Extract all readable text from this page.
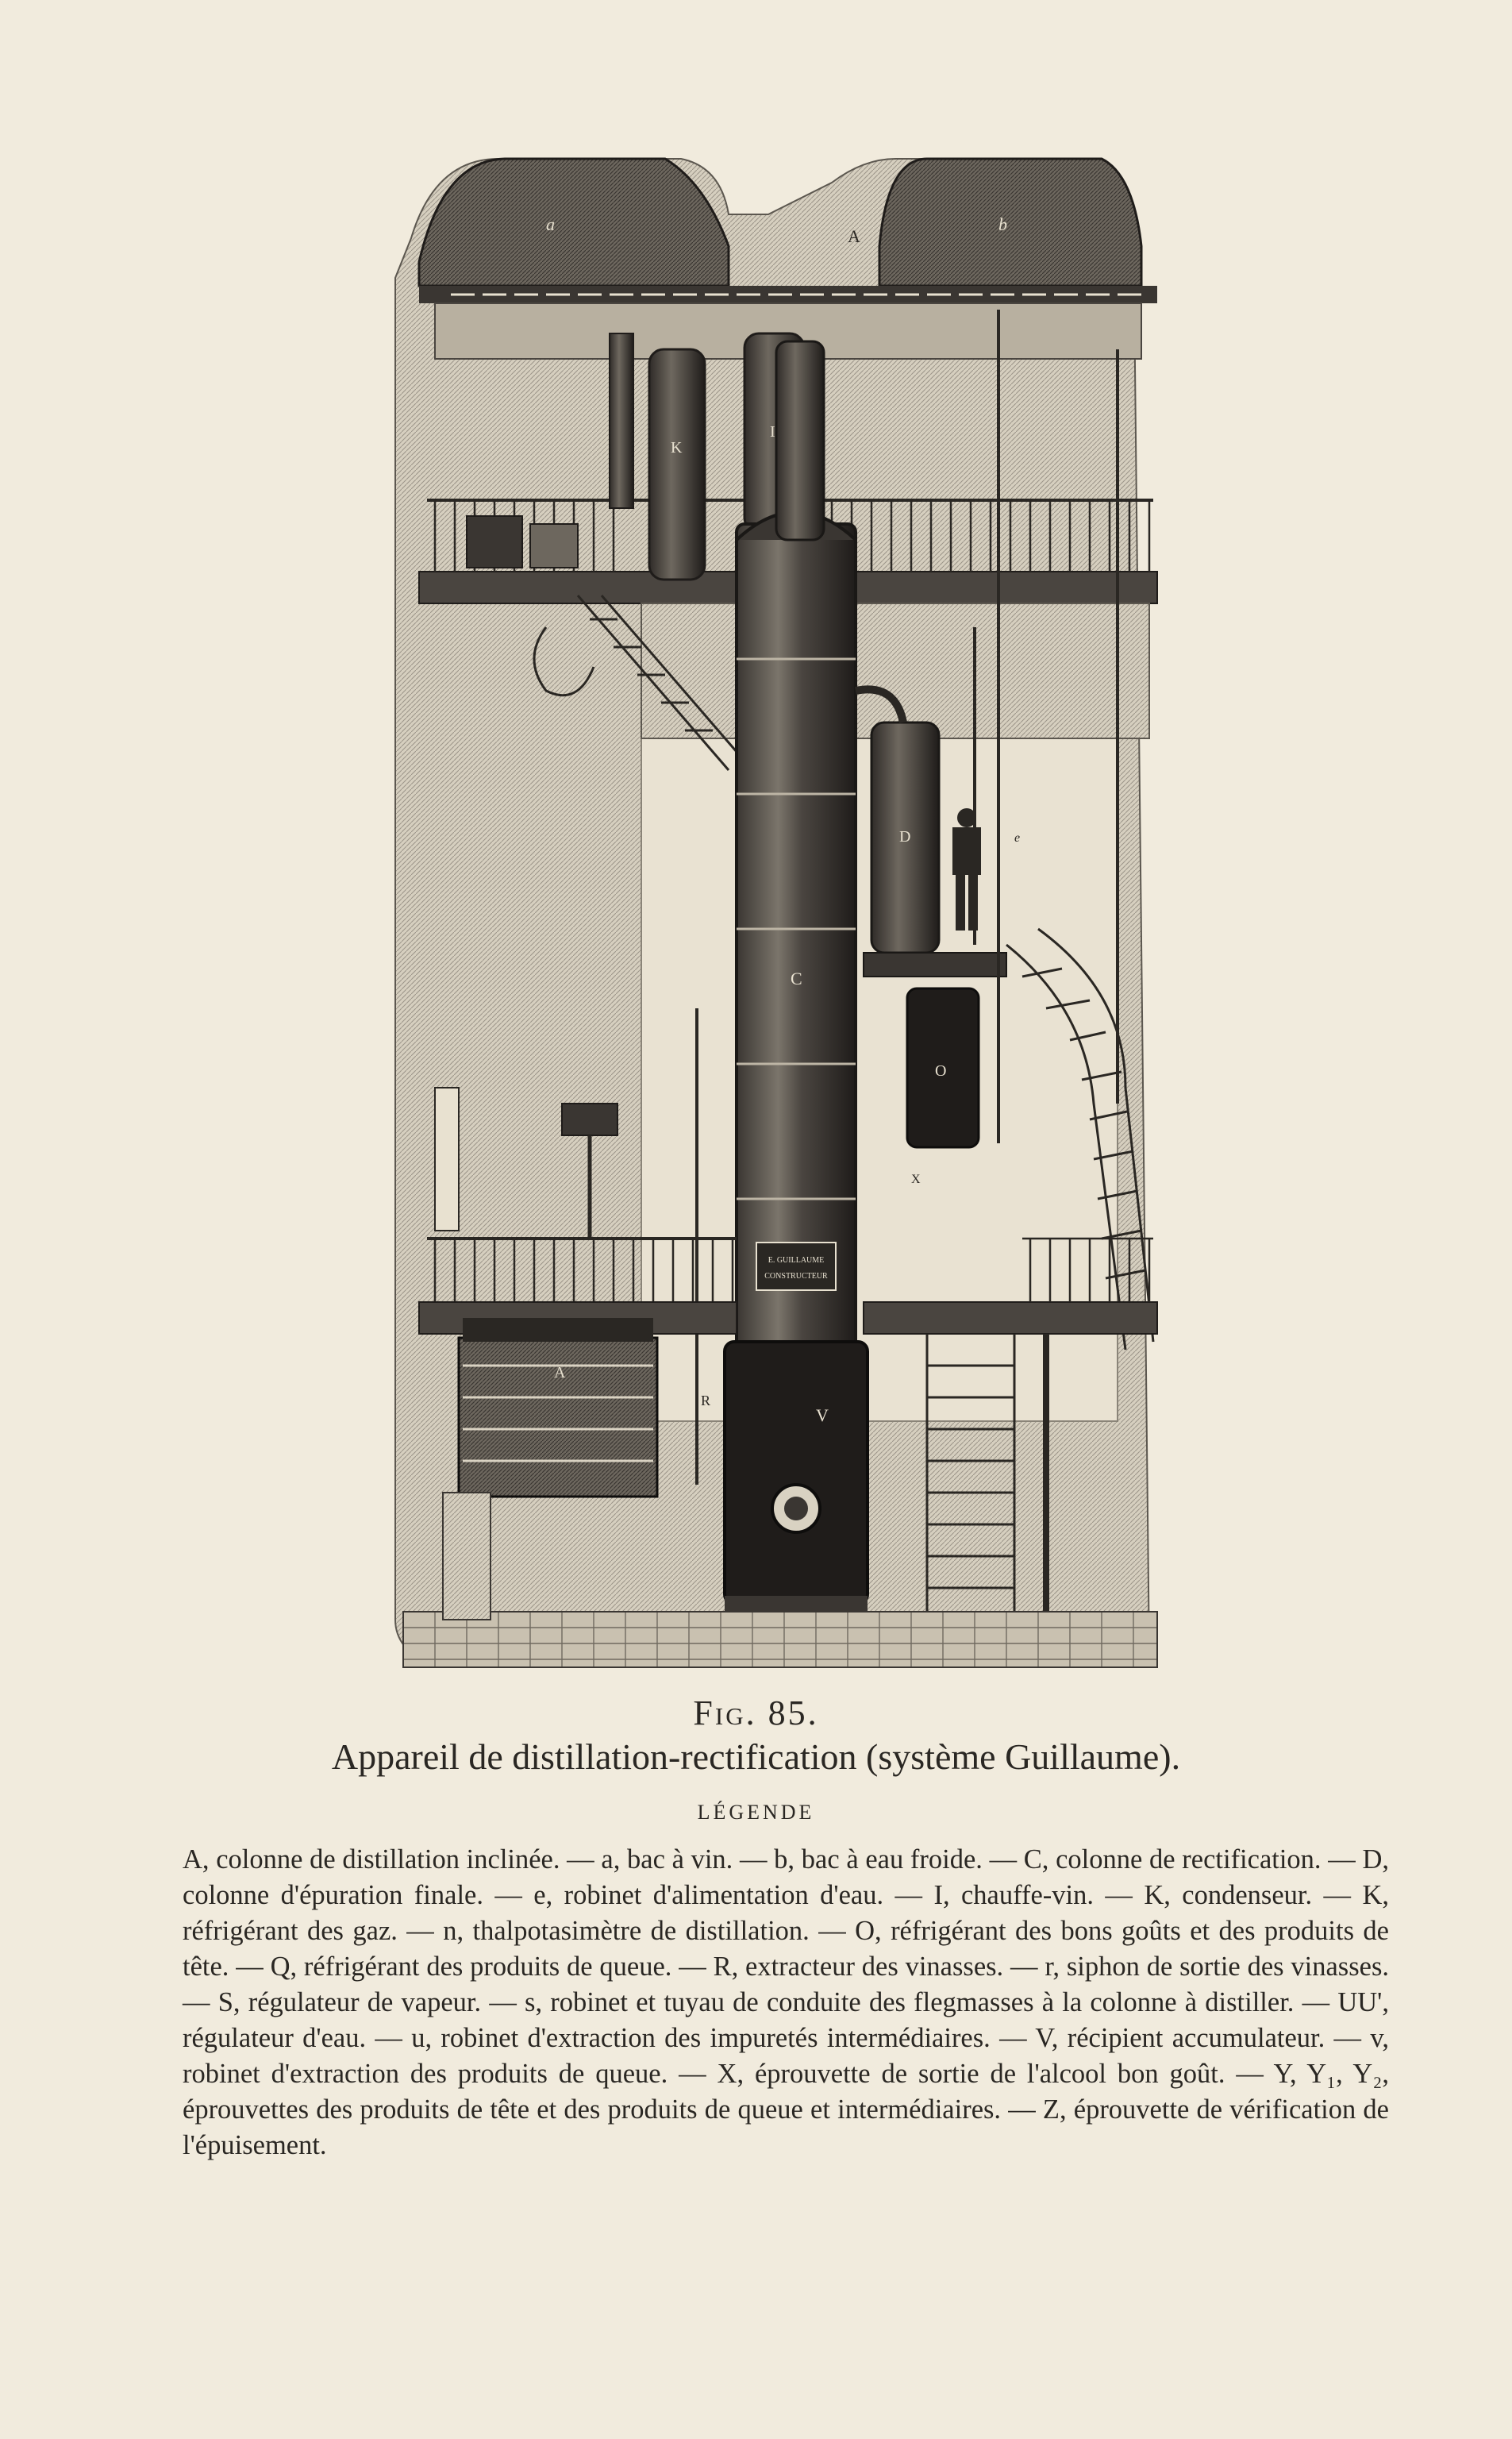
a	b
A
K
I
C
E. GUILLAUME
CONSTRUCTEUR
V
D
O
X
e
A
R
Fig. 85.
Appareil de distillation-rectification (système Guillaume).
LÉGENDE
A, colonne de distillation inclinée. — a, bac à vin. — b, bac à eau froide. — C, colonne de rectification. — D, colonne d'épuration finale. — e, robinet d'alimentation d'eau. — I, chauffe-vin. — K, condenseur. — K, réfrigérant des gaz. — n, thalpotasimètre de distillation. — O, réfrigérant des bons goûts et des produits de tête. — Q, réfrigérant des produits de queue. — R, extracteur des vinasses. — r, siphon de sortie des vinasses. — S, régulateur de vapeur. — s, robinet et tuyau de conduite des flegmasses à la colonne à distiller. — UU', régulateur d'eau. — u, robinet d'extraction des impuretés intermédiaires. — V, récipient accumulateur. — v, robinet d'extraction des produits de queue. — X, éprouvette de sortie de l'alcool bon goût. — Y, Y₁, Y₂, éprouvettes des produits de tête et des produits de queue et intermédiaires. — Z, éprouvette de vérification de l'épuisement.
